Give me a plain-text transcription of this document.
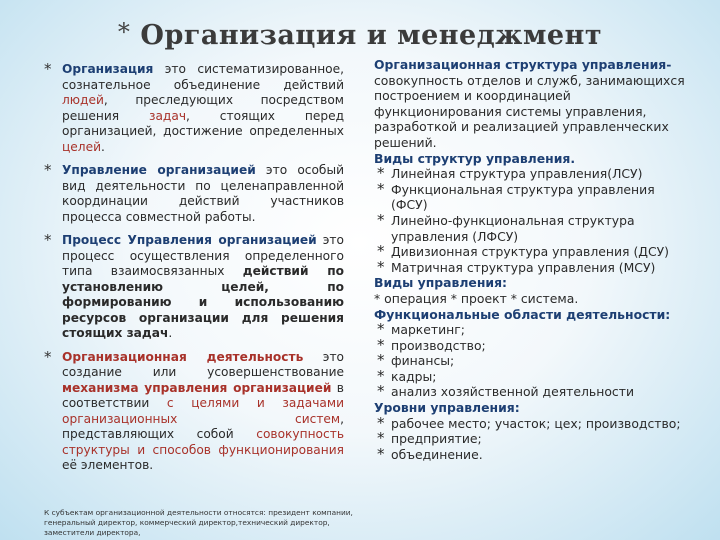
* Организация и менеджмент
* Организация это систематизированное, сознательное объединение действий людей, преследующих посредством решения задач, стоящих перед организацией, достижение определенных целей.
* Управление организацией это особый вид деятельности по целенаправленной координации действий участников процесса совместной работы.
* Процесс Управления организацией это процесс осуществления определенного типа взаимосвязанных действий по установлению целей, по формированию и использованию ресурсов организации для решения стоящих задач.
* Организационная деятельность это создание или усовершенствование механизма управления организацией в соответствии с целями и задачами организационных систем, представляющих собой совокупность структуры и способов функционирования её элементов.
К субъектам организационной деятельности относятся: президент компании, генеральный директор, коммерческий директор,технический директор, заместители директора,
Организационная структура управления-
совокупность отделов и служб, занимающихся построением и координацией функционирования системы управления, разработкой и реализацией управленческих решений.
Виды структур управления.
* Линейная структура управления(ЛСУ)
* Функциональная структура управления (ФСУ)
* Линейно-функциональная структура управления (ЛФСУ)
* Дивизионная структура управления (ДСУ)
* Матричная структура управления (МСУ)
Виды управления:
* операция * проект * система.
Функциональные области деятельности:
* маркетинг;
* производство;
* финансы;
* кадры;
* анализ хозяйственной деятельности
Уровни управления:
* рабочее место; участок; цех; производство;
* предприятие;
* объединение.
